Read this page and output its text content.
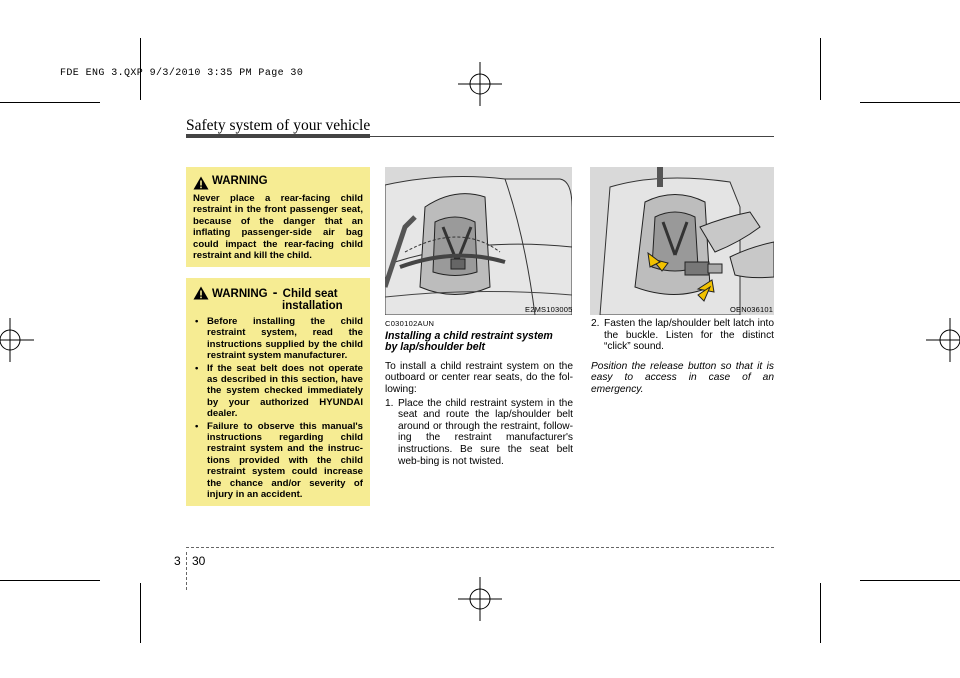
FDE ENG 3.QXP 9/3/2010 3:35 PM Page 30
Safety system of your vehicle
WARNING
Never place a rear-facing child restraint in the front passenger seat, because of the danger that an inflating passenger-side air bag could impact the rear-facing child restraint and kill the child.
WARNING - Child seat
installation
• Before installing the child restraint system, read the instructions supplied by the child restraint system manufacturer.
• If the seat belt does not operate as described in this section, have the system checked immediately by your authorized HYUNDAI dealer.
• Failure to observe this manual's instructions regarding child restraint system and the instruc-tions provided with the child restraint system could increase the chance and/or severity of injury in an accident.
E2MS103005	OEN036101
C030102AUN
Installing a child restraint system by lap/shoulder belt
To install a child restraint system on the outboard or center rear seats, do the fol-lowing:
1. Place the child restraint system in the seat and route the lap/shoulder belt around or through the restraint, follow-ing the restraint manufacturer's instructions. Be sure the seat belt web-bing is not twisted.
2. Fasten the lap/shoulder belt latch into the buckle. Listen for the distinct “click” sound.
Position the release button so that it is easy to access in case of an emergency.
3 30
